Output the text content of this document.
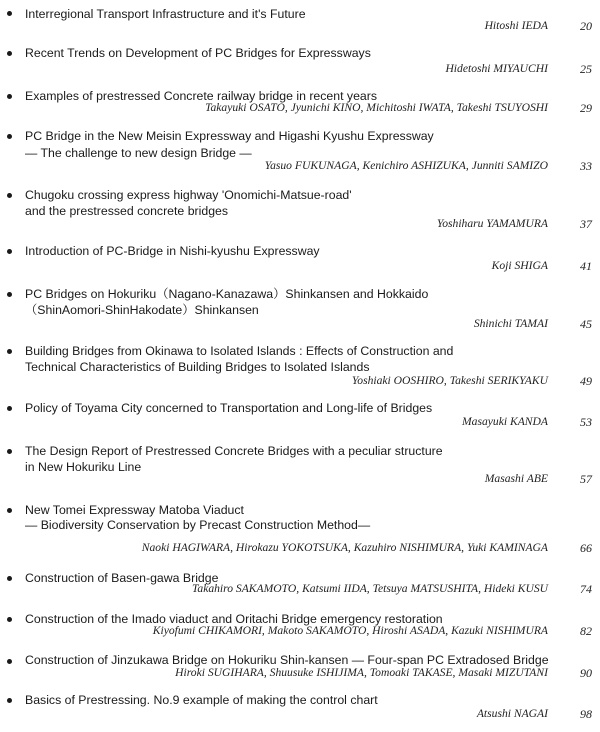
Interregional Transport Infrastructure and it's Future
Hitoshi IEDA	20
Recent Trends on Development of PC Bridges for Expressways
Hidetoshi MIYAUCHI	25
Examples of prestressed Concrete railway bridge in recent years
Takayuki OSATO, Jyunichi KINO, Michitoshi IWATA, Takeshi TSUYOSHI	29
PC Bridge in the New Meisin Expressway and Higashi Kyushu Expressway
— The challenge to new design Bridge —
Yasuo FUKUNAGA, Kenichiro ASHIZUKA, Junniti SAMIZO	33
Chugoku crossing express highway 'Onomichi-Matsue-road'
and the prestressed concrete bridges
Yoshiharu YAMAMURA	37
Introduction of PC-Bridge in Nishi-kyushu Expressway
Koji SHIGA	41
PC Bridges on Hokuriku（Nagano-Kanazawa）Shinkansen and Hokkaido
（ShinAomori-ShinHakodate）Shinkansen
Shinichi TAMAI	45
Building Bridges from Okinawa to Isolated Islands : Effects of Construction and
Technical Characteristics of Building Bridges to Isolated Islands
Yoshiaki OOSHIRO, Takeshi SERIKYAKU	49
Policy of Toyama City concerned to Transportation and Long-life of Bridges
Masayuki KANDA	53
The Design Report of Prestressed Concrete Bridges with a peculiar structure
in New Hokuriku Line
Masashi ABE	57
New Tomei Expressway Matoba Viaduct
— Biodiversity Conservation by Precast Construction Method—
Naoki HAGIWARA, Hirokazu YOKOTSUKA, Kazuhiro NISHIMURA, Yuki KAMINAGA	66
Construction of Basen-gawa Bridge
Takahiro SAKAMOTO, Katsumi IIDA, Tetsuya MATSUSHITA, Hideki KUSU	74
Construction of the Imado viaduct and Oritachi Bridge emergency restoration
Kiyofumi CHIKAMORI, Makoto SAKAMOTO, Hiroshi ASADA, Kazuki NISHIMURA	82
Construction of Jinzukawa Bridge on Hokuriku Shin-kansen — Four-span PC Extradosed Bridge
Hiroki SUGIHARA, Shuusuke ISHIJIMA, Tomoaki TAKASE, Masaki MIZUTANI	90
Basics of Prestressing. No.9 example of making the control chart
Atsushi NAGAI	98
